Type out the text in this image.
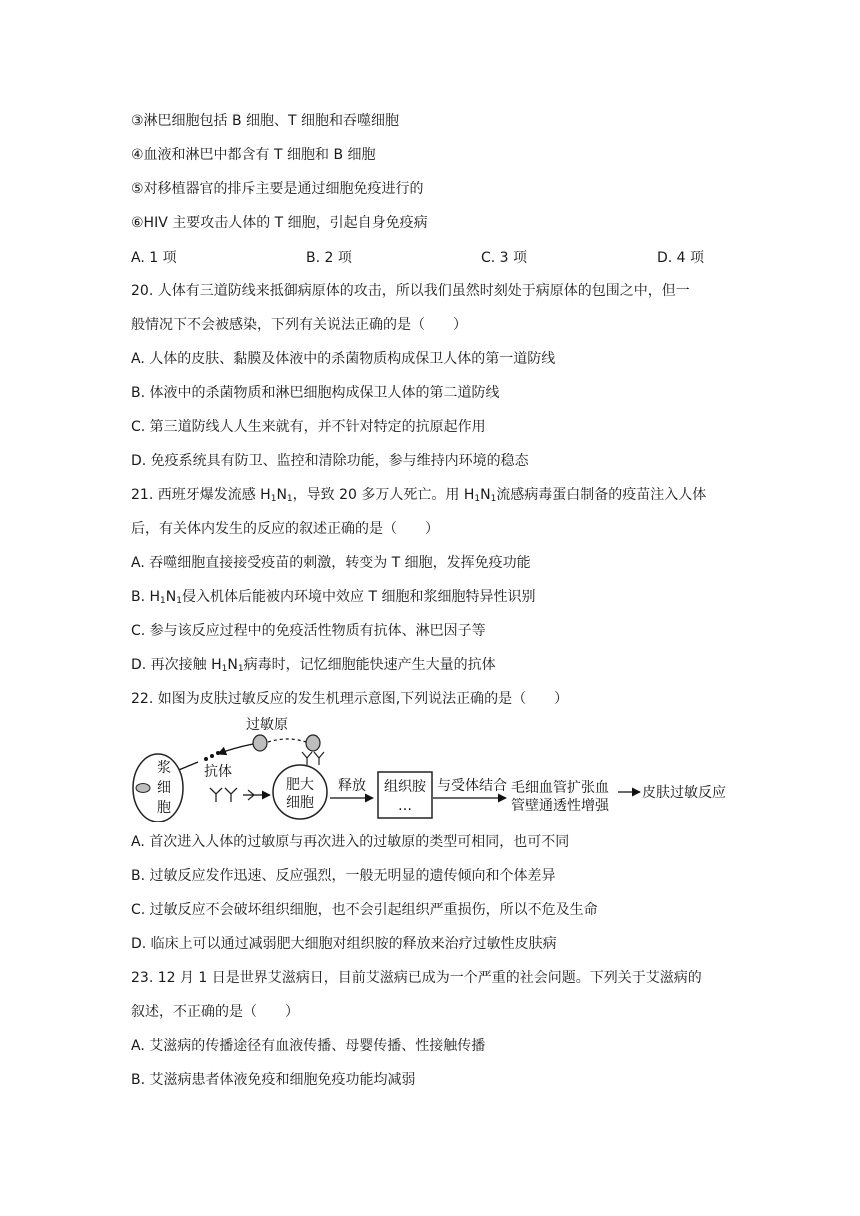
③淋巴细胞包括 B 细胞、T 细胞和吞噬细胞
④血液和淋巴中都含有 T 细胞和 B 细胞
⑤对移植器官的排斥主要是通过细胞免疫进行的
⑥HIV 主要攻击人体的 T 细胞，引起自身免疫病
A. 1 项	B. 2 项	C. 3 项	D. 4 项
20. 人体有三道防线来抵御病原体的攻击，所以我们虽然时刻处于病原体的包围之中，但一
般情况下不会被感染，下列有关说法正确的是（　　）
A. 人体的皮肤、黏膜及体液中的杀菌物质构成保卫人体的第一道防线
B. 体液中的杀菌物质和淋巴细胞构成保卫人体的第二道防线
C. 第三道防线人人生来就有，并不针对特定的抗原起作用
D. 免疫系统具有防卫、监控和清除功能，参与维持内环境的稳态
21. 西班牙爆发流感 $H_1N_1$，导致 20 多万人死亡。用 $H_1N_1$流感病毒蛋白制备的疫苗注入人体
后，有关体内发生的反应的叙述正确的是（　　）
A. 吞噬细胞直接接受疫苗的刺激，转变为 T 细胞，发挥免疫功能
B. $H_1N_1$侵入机体后能被内环境中效应 T 细胞和浆细胞特异性识别
C. 参与该反应过程中的免疫活性物质有抗体、淋巴因子等
D. 再次接触 $H_1N_1$病毒时，记忆细胞能快速产生大量的抗体
22. 如图为皮肤过敏反应的发生机理示意图,下列说法正确的是（　　）
过敏原
浆
细
胞
抗体
肥大
细胞
释放 组织胺
…
与受体结合 毛细血管扩张血
管壁通透性增强
皮肤过敏反应
A. 首次进入人体的过敏原与再次进入的过敏原的类型可相同，也可不同
B. 过敏反应发作迅速、反应强烈，一般无明显的遗传倾向和个体差异
C. 过敏反应不会破坏组织细胞，也不会引起组织严重损伤，所以不危及生命
D. 临床上可以通过减弱肥大细胞对组织胺的释放来治疗过敏性皮肤病
23. 12 月 1 日是世界艾滋病日，目前艾滋病已成为一个严重的社会问题。下列关于艾滋病的
叙述，不正确的是（　　）
A. 艾滋病的传播途径有血液传播、母婴传播、性接触传播
B. 艾滋病患者体液免疫和细胞免疫功能均减弱
